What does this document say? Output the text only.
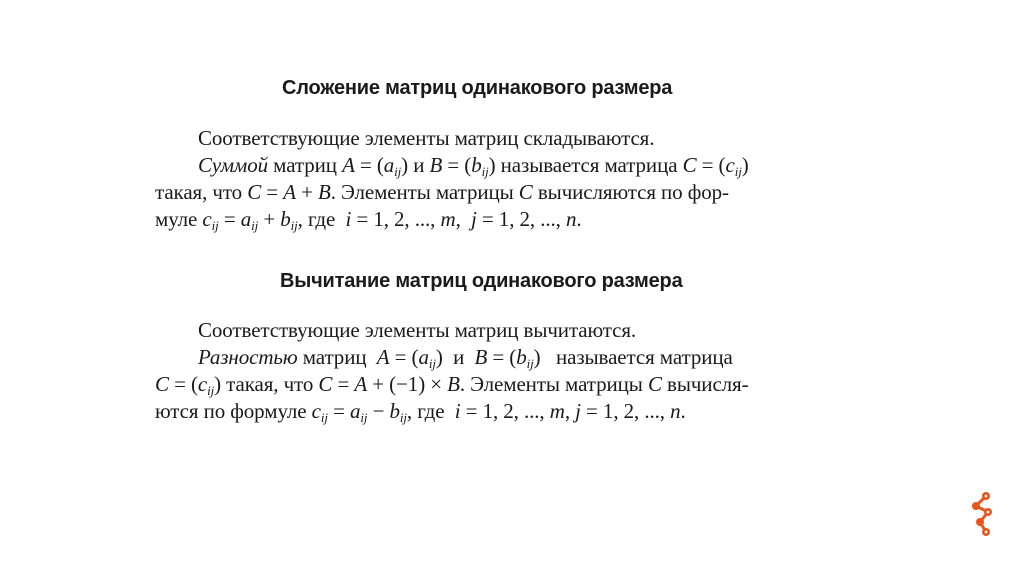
Сложение матриц одинакового размера
Соответствующие элементы матриц складываются.
Суммой матриц $A = (a_{ij})$ и $B = (b_{ij})$ называется матрица $C = (c_{ij})$
такая, что C = A + B. Элементы матрицы C вычисляются по фор-
муле $c_{ij} = a_{ij} + b_{ij}$, где  i = 1, 2, ..., m,  j = 1, 2, ..., n.
Вычитание матриц одинакового размера
Соответствующие элементы матриц вычитаются.
Разностью матриц  $A = (a_{ij})$  и  $B = (b_{ij})$   называется матрица
$C = (c_{ij})$ такая, что C = A + (−1) × B. Элементы матрицы C вычисля-
ются по формуле $c_{ij} = a_{ij} - b_{ij}$, где  i = 1, 2, ..., m, j = 1, 2, ..., n.
